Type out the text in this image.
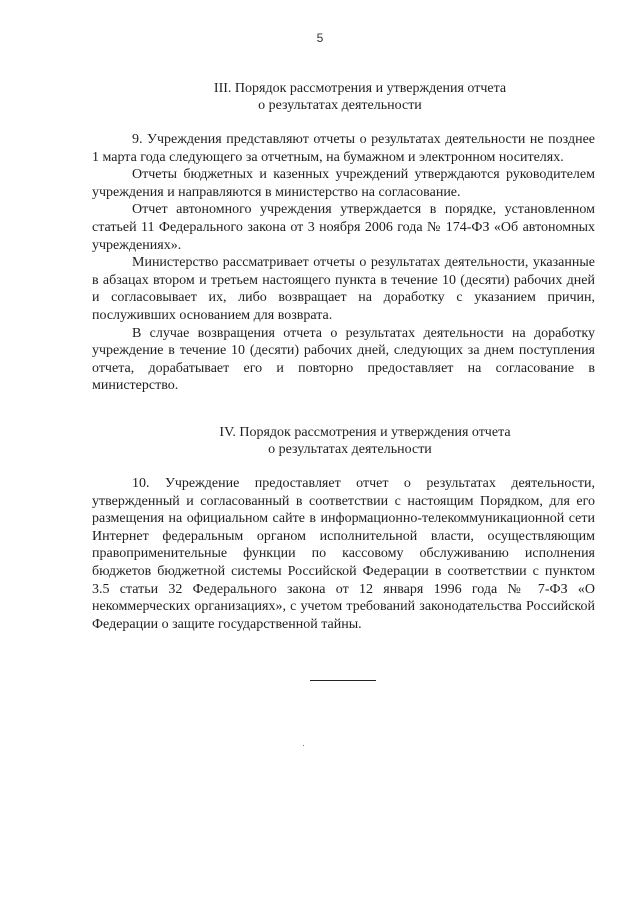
5
III. Порядок рассмотрения и утверждения отчета
о результатах деятельности

9. Учреждения представляют отчеты о результатах деятельности не позднее 1 марта года следующего за отчетным, на бумажном и электронном носителях.

Отчеты бюджетных и казенных учреждений утверждаются руководителем учреждения и направляются в министерство на согласование.

Отчет автономного учреждения утверждается в порядке, установленном статьей 11 Федерального закона от 3 ноября 2006 года № 174-ФЗ «Об автономных учреждениях».

Министерство рассматривает отчеты о результатах деятельности, указанные в абзацах втором и третьем настоящего пункта в течение 10 (десяти) рабочих дней и согласовывает их, либо возвращает на доработку с указанием причин, послуживших основанием для возврата.

В случае возвращения отчета о результатах деятельности на доработку учреждение в течение 10 (десяти) рабочих дней, следующих за днем поступления отчета, дорабатывает его и повторно предоставляет на согласование в министерство.

IV. Порядок рассмотрения и утверждения отчета
о результатах деятельности

10. Учреждение предоставляет отчет о результатах деятельности, утвержденный и согласованный в соответствии с настоящим Порядком, для его размещения на официальном сайте в информационно-телекоммуникационной сети Интернет федеральным органом исполнительной власти, осуществляющим правоприменительные функции по кассовому обслуживанию исполнения бюджетов бюджетной системы Российской Федерации в соответствии с пунктом 3.5 статьи 32 Федерального закона от 12 января 1996 года № 7-ФЗ «О некоммерческих организациях», с учетом требований законодательства Российской Федерации о защите государственной тайны.
